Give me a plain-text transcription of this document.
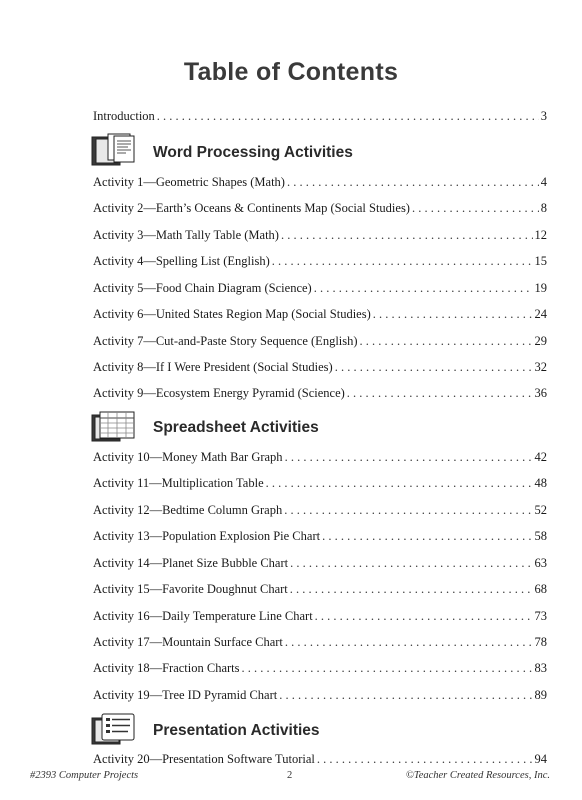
Table of Contents
Introduction . . .	3
Word Processing Activities
Activity 1—Geometric Shapes (Math) . . .	4
Activity 2—Earth’s Oceans & Continents Map (Social Studies) . . .	8
Activity 3—Math Tally Table (Math) . . .	12
Activity 4—Spelling List (English) . . .	15
Activity 5—Food Chain Diagram (Science) . . .	19
Activity 6—United States Region Map (Social Studies) . . .	24
Activity 7—Cut-and-Paste Story Sequence (English) . . .	29
Activity 8—If I Were President (Social Studies) . . .	32
Activity 9—Ecosystem Energy Pyramid (Science) . . .	36
Spreadsheet Activities
Activity 10—Money Math Bar Graph . . .	42
Activity 11—Multiplication Table . . .	48
Activity 12—Bedtime Column Graph . . .	52
Activity 13—Population Explosion Pie Chart . . .	58
Activity 14—Planet Size Bubble Chart . . .	63
Activity 15—Favorite Doughnut Chart . . .	68
Activity 16—Daily Temperature Line Chart . . .	73
Activity 17—Mountain Surface Chart . . .	78
Activity 18—Fraction Charts . . .	83
Activity 19—Tree ID Pyramid Chart . . .	89
Presentation Activities
Activity 20—Presentation Software Tutorial . . .	94
#2393 Computer Projects	2	©Teacher Created Resources, Inc.
